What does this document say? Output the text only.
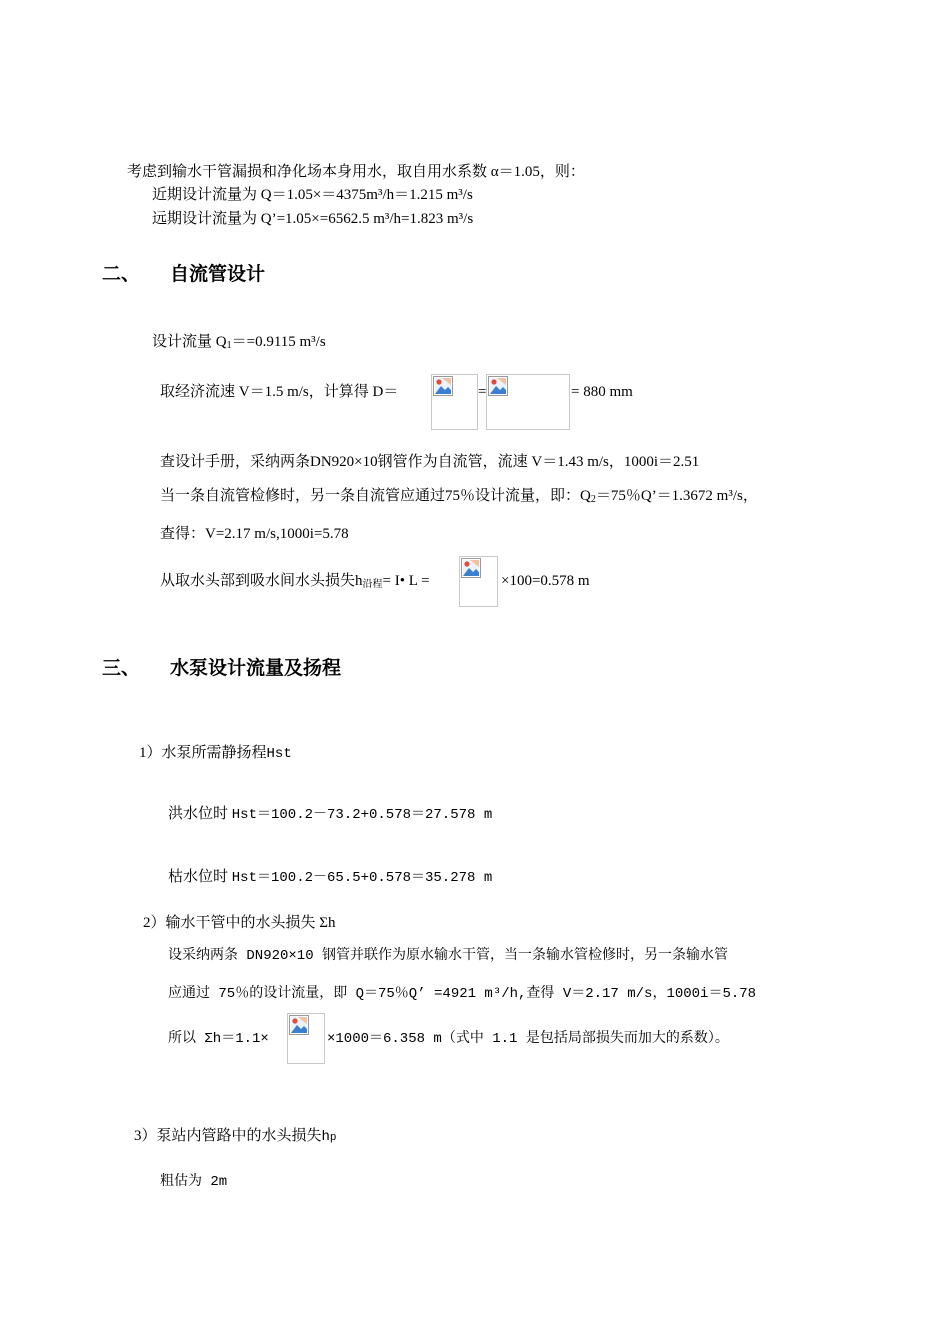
考虑到输水干管漏损和净化场本身用水，取自用水系数 α＝1.05，则：
近期设计流量为 Q＝1.05×＝4375m³/h＝1.215 m³/s
远期设计流量为 Q’=1.05×=6562.5 m³/h=1.823 m³/s
二、 自流管设计
设计流量 $Q_1==0.9115$ m³/s
取经济流速 V＝1.5 m/s，计算得 D＝	=	= 880 mm
查设计手册，采纳两条DN920×10钢管作为自流管，流速 V＝1.43 m/s，1000i＝2.51
当一条自流管检修时，另一条自流管应通过75％设计流量，即：$Q_2=75$％Q’＝1.3672 m³/s，
查得：V=2.17 m/s,1000i=5.78
从取水头部到吸水间水头损失$h_{沿程}=$ I• L =	×100=0.578 m
三、 水泵设计流量及扬程
1）水泵所需静扬程Hst
洪水位时 Hst＝100.2－73.2+0.578＝27.578 m
枯水位时 Hst＝100.2－65.5+0.578＝35.278 m
2）输水干管中的水头损失 Σh
设采纳两条 DN920×10 钢管并联作为原水输水干管，当一条输水管检修时，另一条输水管
应通过 75％的设计流量，即 Q＝75％Q’ =4921 m³/h,查得 V＝2.17 m/s，1000i＝5.78
所以 Σh＝1.1×	×1000＝6.358 m（式中 1.1 是包括局部损失而加大的系数）。
3）泵站内管路中的水头损失hp
粗估为 2m
